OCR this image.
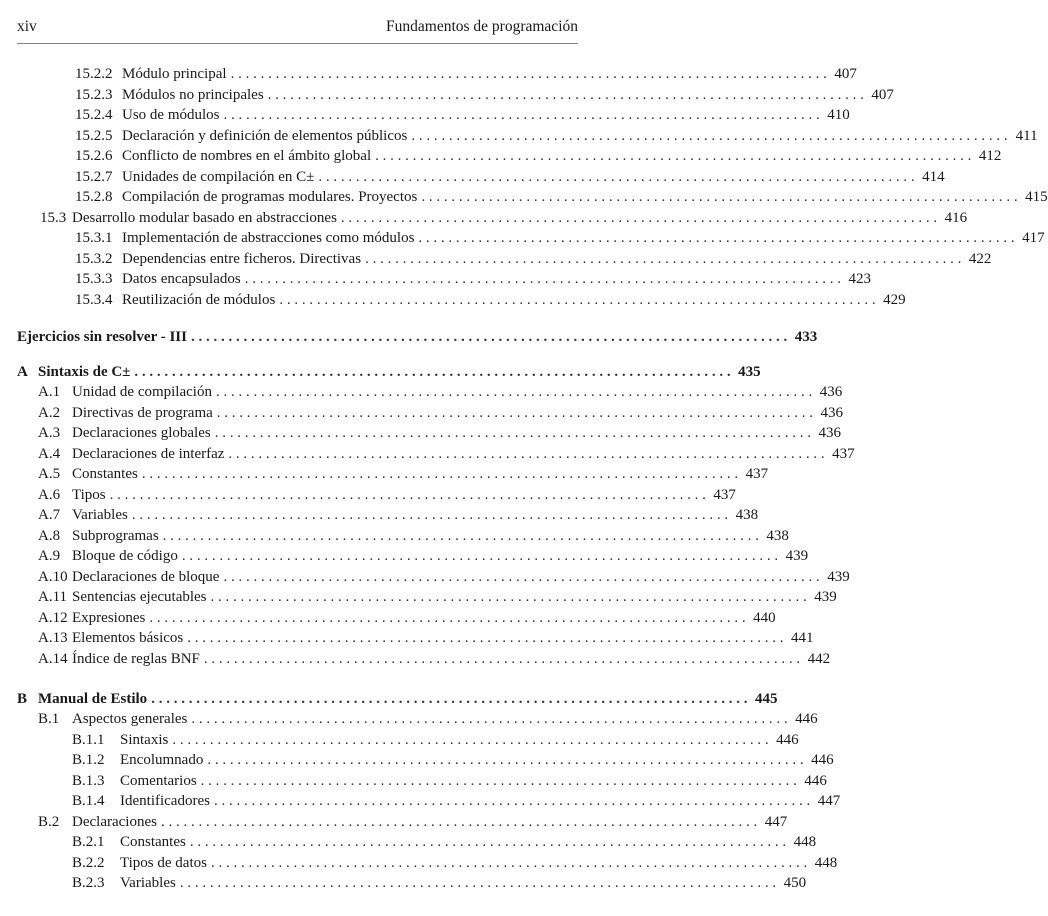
xiv	Fundamentos de programación
15.2.2 Módulo principal . . . . . . . . . . . . . . . . . . . . . . . . . . . . . . . . . . . . . . . . . . . . . . . . . . . . . . . . . . . . . . . . . . . . . . . . . . . . . . . . 407
15.2.3 Módulos no principales . . . . . . . . . . . . . . . . . . . . . . . . . . . . . . . . . . . . . . . . . . . . . . . . . . . . . . . . . . . . . . . . . . . . . . . . . . . . . . . . 407
15.2.4 Uso de módulos . . . . . . . . . . . . . . . . . . . . . . . . . . . . . . . . . . . . . . . . . . . . . . . . . . . . . . . . . . . . . . . . . . . . . . . . . . . . . . . . 410
15.2.5 Declaración y definición de elementos públicos . . . . . . . . . . . . . . . . . . . . . . . . . . . . . . . . . . . . . . . . . . . . . . . . . . . . . . . . . . . . . . . . . . . . . . . . . . . . . . . . 411
15.2.6 Conflicto de nombres en el ámbito global . . . . . . . . . . . . . . . . . . . . . . . . . . . . . . . . . . . . . . . . . . . . . . . . . . . . . . . . . . . . . . . . . . . . . . . . . . . . . . . . 412
15.2.7 Unidades de compilación en C± . . . . . . . . . . . . . . . . . . . . . . . . . . . . . . . . . . . . . . . . . . . . . . . . . . . . . . . . . . . . . . . . . . . . . . . . . . . . . . . . 414
15.2.8 Compilación de programas modulares. Proyectos . . . . . . . . . . . . . . . . . . . . . . . . . . . . . . . . . . . . . . . . . . . . . . . . . . . . . . . . . . . . . . . . . . . . . . . . . . . . . . . . 415
15.3 Desarrollo modular basado en abstracciones . . . . . . . . . . . . . . . . . . . . . . . . . . . . . . . . . . . . . . . . . . . . . . . . . . . . . . . . . . . . . . . . . . . . . . . . . . . . . . . . 416
15.3.1 Implementación de abstracciones como módulos . . . . . . . . . . . . . . . . . . . . . . . . . . . . . . . . . . . . . . . . . . . . . . . . . . . . . . . . . . . . . . . . . . . . . . . . . . . . . . . . 417
15.3.2 Dependencias entre ficheros. Directivas . . . . . . . . . . . . . . . . . . . . . . . . . . . . . . . . . . . . . . . . . . . . . . . . . . . . . . . . . . . . . . . . . . . . . . . . . . . . . . . . 422
15.3.3 Datos encapsulados . . . . . . . . . . . . . . . . . . . . . . . . . . . . . . . . . . . . . . . . . . . . . . . . . . . . . . . . . . . . . . . . . . . . . . . . . . . . . . . . 423
15.3.4 Reutilización de módulos . . . . . . . . . . . . . . . . . . . . . . . . . . . . . . . . . . . . . . . . . . . . . . . . . . . . . . . . . . . . . . . . . . . . . . . . . . . . . . . . 429
Ejercicios sin resolver - III . . . . . . . . . . . . . . . . . . . . . . . . . . . . . . . . . . . . . . . . . . . . . . . . . . . . . . . . . . . . . . . . . . . . . . . . . . . . . . . . 433
A Sintaxis de C± . . . . . . . . . . . . . . . . . . . . . . . . . . . . . . . . . . . . . . . . . . . . . . . . . . . . . . . . . . . . . . . . . . . . . . . . . . . . . . . . 435
A.1 Unidad de compilación . . . . . . . . . . . . . . . . . . . . . . . . . . . . . . . . . . . . . . . . . . . . . . . . . . . . . . . . . . . . . . . . . . . . . . . . . . . . . . . . 436
A.2 Directivas de programa . . . . . . . . . . . . . . . . . . . . . . . . . . . . . . . . . . . . . . . . . . . . . . . . . . . . . . . . . . . . . . . . . . . . . . . . . . . . . . . . 436
A.3 Declaraciones globales . . . . . . . . . . . . . . . . . . . . . . . . . . . . . . . . . . . . . . . . . . . . . . . . . . . . . . . . . . . . . . . . . . . . . . . . . . . . . . . . 436
A.4 Declaraciones de interfaz . . . . . . . . . . . . . . . . . . . . . . . . . . . . . . . . . . . . . . . . . . . . . . . . . . . . . . . . . . . . . . . . . . . . . . . . . . . . . . . . 437
A.5 Constantes . . . . . . . . . . . . . . . . . . . . . . . . . . . . . . . . . . . . . . . . . . . . . . . . . . . . . . . . . . . . . . . . . . . . . . . . . . . . . . . . 437
A.6 Tipos . . . . . . . . . . . . . . . . . . . . . . . . . . . . . . . . . . . . . . . . . . . . . . . . . . . . . . . . . . . . . . . . . . . . . . . . . . . . . . . . 437
A.7 Variables . . . . . . . . . . . . . . . . . . . . . . . . . . . . . . . . . . . . . . . . . . . . . . . . . . . . . . . . . . . . . . . . . . . . . . . . . . . . . . . . 438
A.8 Subprogramas . . . . . . . . . . . . . . . . . . . . . . . . . . . . . . . . . . . . . . . . . . . . . . . . . . . . . . . . . . . . . . . . . . . . . . . . . . . . . . . . 438
A.9 Bloque de código . . . . . . . . . . . . . . . . . . . . . . . . . . . . . . . . . . . . . . . . . . . . . . . . . . . . . . . . . . . . . . . . . . . . . . . . . . . . . . . . 439
A.10 Declaraciones de bloque . . . . . . . . . . . . . . . . . . . . . . . . . . . . . . . . . . . . . . . . . . . . . . . . . . . . . . . . . . . . . . . . . . . . . . . . . . . . . . . . 439
A.11 Sentencias ejecutables . . . . . . . . . . . . . . . . . . . . . . . . . . . . . . . . . . . . . . . . . . . . . . . . . . . . . . . . . . . . . . . . . . . . . . . . . . . . . . . . 439
A.12 Expresiones . . . . . . . . . . . . . . . . . . . . . . . . . . . . . . . . . . . . . . . . . . . . . . . . . . . . . . . . . . . . . . . . . . . . . . . . . . . . . . . . 440
A.13 Elementos básicos . . . . . . . . . . . . . . . . . . . . . . . . . . . . . . . . . . . . . . . . . . . . . . . . . . . . . . . . . . . . . . . . . . . . . . . . . . . . . . . . 441
A.14 Índice de reglas BNF . . . . . . . . . . . . . . . . . . . . . . . . . . . . . . . . . . . . . . . . . . . . . . . . . . . . . . . . . . . . . . . . . . . . . . . . . . . . . . . . 442
B Manual de Estilo . . . . . . . . . . . . . . . . . . . . . . . . . . . . . . . . . . . . . . . . . . . . . . . . . . . . . . . . . . . . . . . . . . . . . . . . . . . . . . . . 445
B.1 Aspectos generales . . . . . . . . . . . . . . . . . . . . . . . . . . . . . . . . . . . . . . . . . . . . . . . . . . . . . . . . . . . . . . . . . . . . . . . . . . . . . . . . 446
B.1.1 Sintaxis . . . . . . . . . . . . . . . . . . . . . . . . . . . . . . . . . . . . . . . . . . . . . . . . . . . . . . . . . . . . . . . . . . . . . . . . . . . . . . . . 446
B.1.2 Encolumnado . . . . . . . . . . . . . . . . . . . . . . . . . . . . . . . . . . . . . . . . . . . . . . . . . . . . . . . . . . . . . . . . . . . . . . . . . . . . . . . . 446
B.1.3 Comentarios . . . . . . . . . . . . . . . . . . . . . . . . . . . . . . . . . . . . . . . . . . . . . . . . . . . . . . . . . . . . . . . . . . . . . . . . . . . . . . . . 446
B.1.4 Identificadores . . . . . . . . . . . . . . . . . . . . . . . . . . . . . . . . . . . . . . . . . . . . . . . . . . . . . . . . . . . . . . . . . . . . . . . . . . . . . . . . 447
B.2 Declaraciones . . . . . . . . . . . . . . . . . . . . . . . . . . . . . . . . . . . . . . . . . . . . . . . . . . . . . . . . . . . . . . . . . . . . . . . . . . . . . . . . 447
B.2.1 Constantes . . . . . . . . . . . . . . . . . . . . . . . . . . . . . . . . . . . . . . . . . . . . . . . . . . . . . . . . . . . . . . . . . . . . . . . . . . . . . . . . 448
B.2.2 Tipos de datos . . . . . . . . . . . . . . . . . . . . . . . . . . . . . . . . . . . . . . . . . . . . . . . . . . . . . . . . . . . . . . . . . . . . . . . . . . . . . . . . 448
B.2.3 Variables . . . . . . . . . . . . . . . . . . . . . . . . . . . . . . . . . . . . . . . . . . . . . . . . . . . . . . . . . . . . . . . . . . . . . . . . . . . . . . . . 450
